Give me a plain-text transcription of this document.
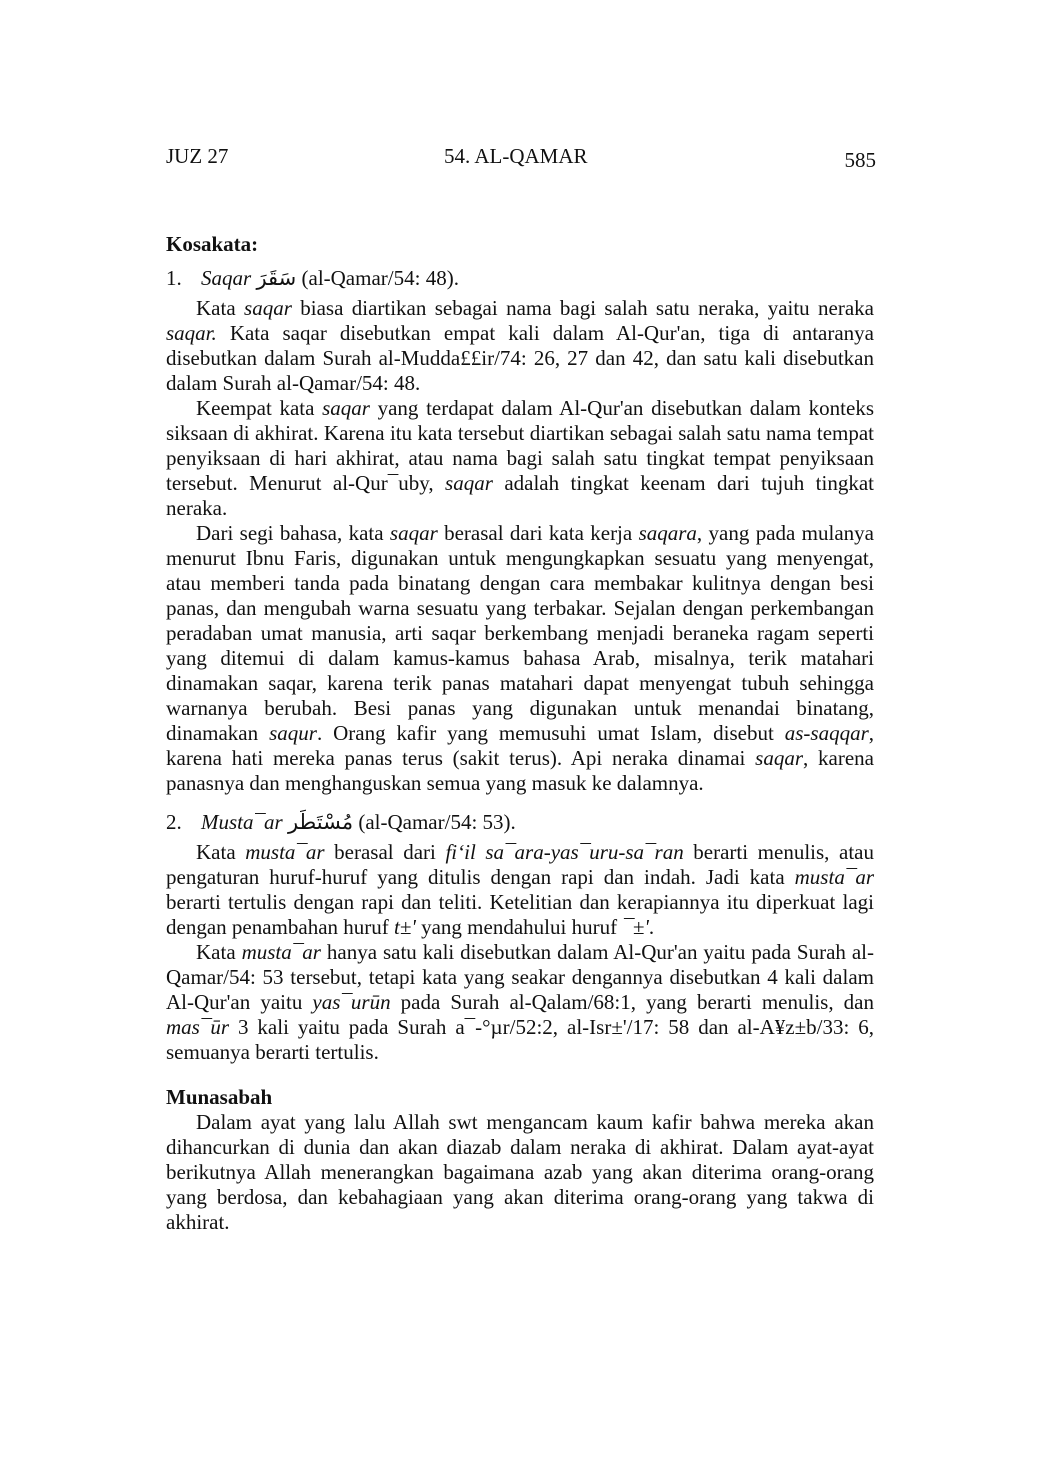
JUZ 27	54. AL-QAMAR	585

Kosakata:

1. Saqar سَقَرَ (al-Qamar/54: 48).

Kata saqar biasa diartikan sebagai nama bagi salah satu neraka, yaitu neraka saqar. Kata saqar disebutkan empat kali dalam Al-Qur'an, tiga di antaranya disebutkan dalam Surah al-Mudda££ir/74: 26, 27 dan 42, dan satu kali disebutkan dalam Surah al-Qamar/54: 48.

Keempat kata saqar yang terdapat dalam Al-Qur'an disebutkan dalam konteks siksaan di akhirat. Karena itu kata tersebut diartikan sebagai salah satu nama tempat penyiksaan di hari akhirat, atau nama bagi salah satu tingkat tempat penyiksaan tersebut. Menurut al-Qur¯uby, saqar adalah tingkat keenam dari tujuh tingkat neraka.

Dari segi bahasa, kata saqar berasal dari kata kerja saqara, yang pada mulanya menurut Ibnu Faris, digunakan untuk mengungkapkan sesuatu yang menyengat, atau memberi tanda pada binatang dengan cara membakar kulitnya dengan besi panas, dan mengubah warna sesuatu yang terbakar. Sejalan dengan perkembangan peradaban umat manusia, arti saqar berkembang menjadi beraneka ragam seperti yang ditemui di dalam kamus-kamus bahasa Arab, misalnya, terik matahari dinamakan saqar, karena terik panas matahari dapat menyengat tubuh sehingga warnanya berubah. Besi panas yang digunakan untuk menandai binatang, dinamakan saqur. Orang kafir yang memusuhi umat Islam, disebut as-saqqar, karena hati mereka panas terus (sakit terus). Api neraka dinamai saqar, karena panasnya dan menghanguskan semua yang masuk ke dalamnya.

2. Musta¯ar مُسْتَطَر (al-Qamar/54: 53).

Kata musta¯ar berasal dari fi‘il sa¯ara-yas¯uru-sa¯ran berarti menulis, atau pengaturan huruf-huruf yang ditulis dengan rapi dan indah. Jadi kata musta¯ar berarti tertulis dengan rapi dan teliti. Ketelitian dan kerapiannya itu diperkuat lagi dengan penambahan huruf t±' yang mendahului huruf ¯±'.

Kata musta¯ar hanya satu kali disebutkan dalam Al-Qur'an yaitu pada Surah al-Qamar/54: 53 tersebut, tetapi kata yang seakar dengannya disebutkan 4 kali dalam Al-Qur'an yaitu yas¯urūn pada Surah al-Qalam/68:1, yang berarti menulis, dan mas¯ūr 3 kali yaitu pada Surah a¯-°µr/52:2, al-Isr±'/17: 58 dan al-A¥z±b/33: 6, semuanya berarti tertulis.

Munasabah

Dalam ayat yang lalu Allah swt mengancam kaum kafir bahwa mereka akan dihancurkan di dunia dan akan diazab dalam neraka di akhirat. Dalam ayat-ayat berikutnya Allah menerangkan bagaimana azab yang akan diterima orang-orang yang berdosa, dan kebahagiaan yang akan diterima orang-orang yang takwa di akhirat.
